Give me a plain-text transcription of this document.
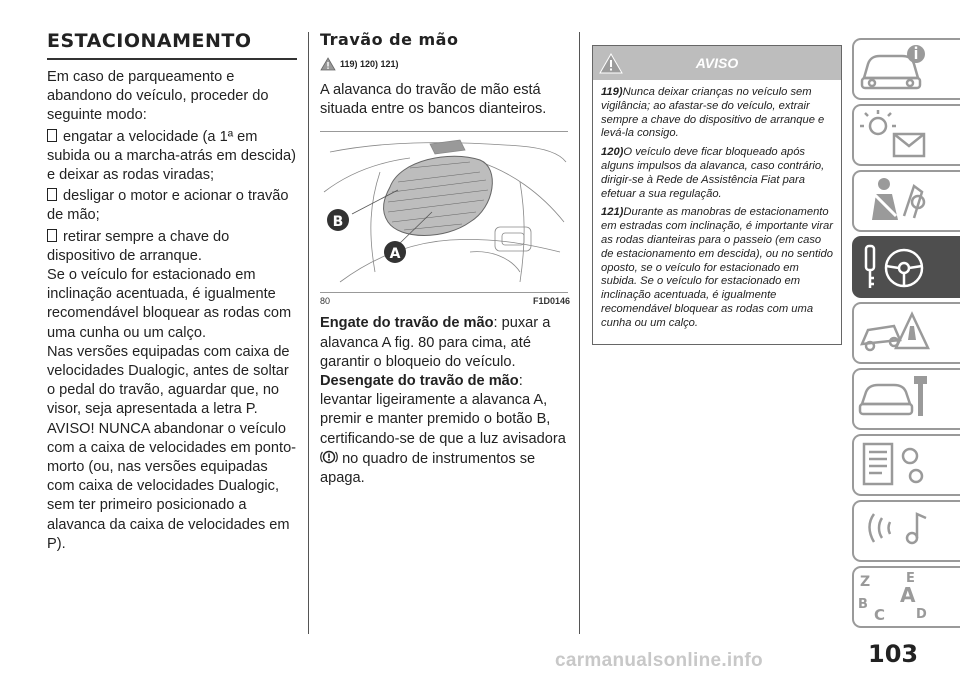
ESTACIONAMENTO

Em caso de parqueamento e abandono do veículo, proceder do seguinte modo:

engatar a velocidade (a 1ª em subida ou a marcha-atrás em descida) e deixar as rodas viradas;

desligar o motor e acionar o travão de mão;

retirar sempre a chave do dispositivo de arranque.

Se o veículo for estacionado em inclinação acentuada, é igualmente recomendável bloquear as rodas com uma cunha ou um calço.

Nas versões equipadas com caixa de velocidades Dualogic, antes de soltar o pedal do travão, aguardar que, no visor, seja apresentada a letra P.

AVISO! NUNCA abandonar o veículo com a caixa de velocidades em ponto-morto (ou, nas versões equipadas com caixa de velocidades Dualogic, sem ter primeiro posicionado a alavanca da caixa de velocidades em P).

Travão de mão
119) 120) 121)

A alavanca do travão de mão está situada entre os bancos dianteiros.

B
A
80	F1D0146

Engate do travão de mão: puxar a alavanca A fig. 80 para cima, até garantir o bloqueio do veículo.

Desengate do travão de mão: levantar ligeiramente a alavanca A, premir e manter premido o botão B, certificando-se de que a luz avisadora
no quadro de instrumentos se apaga.

AVISO

119)Nunca deixar crianças no veículo sem vigilância; ao afastar-se do veículo, extrair sempre a chave do dispositivo de arranque e levá-la consigo.

120)O veículo deve ficar bloqueado após alguns impulsos da alavanca, caso contrário, dirigir-se à Rede de Assistência Fiat para efetuar a sua regulação.

121)Durante as manobras de estacionamento em estradas com inclinação, é importante virar as rodas dianteiras para o passeio (em caso de estacionamento em descida), ou no sentido oposto, se o veículo for estacionado em subida. Se o veículo for estacionado em inclinação acentuada, é igualmente recomendável bloquear as rodas com uma cunha ou um calço.

Z	E
B A
C D
103
carmanualsonline.info
